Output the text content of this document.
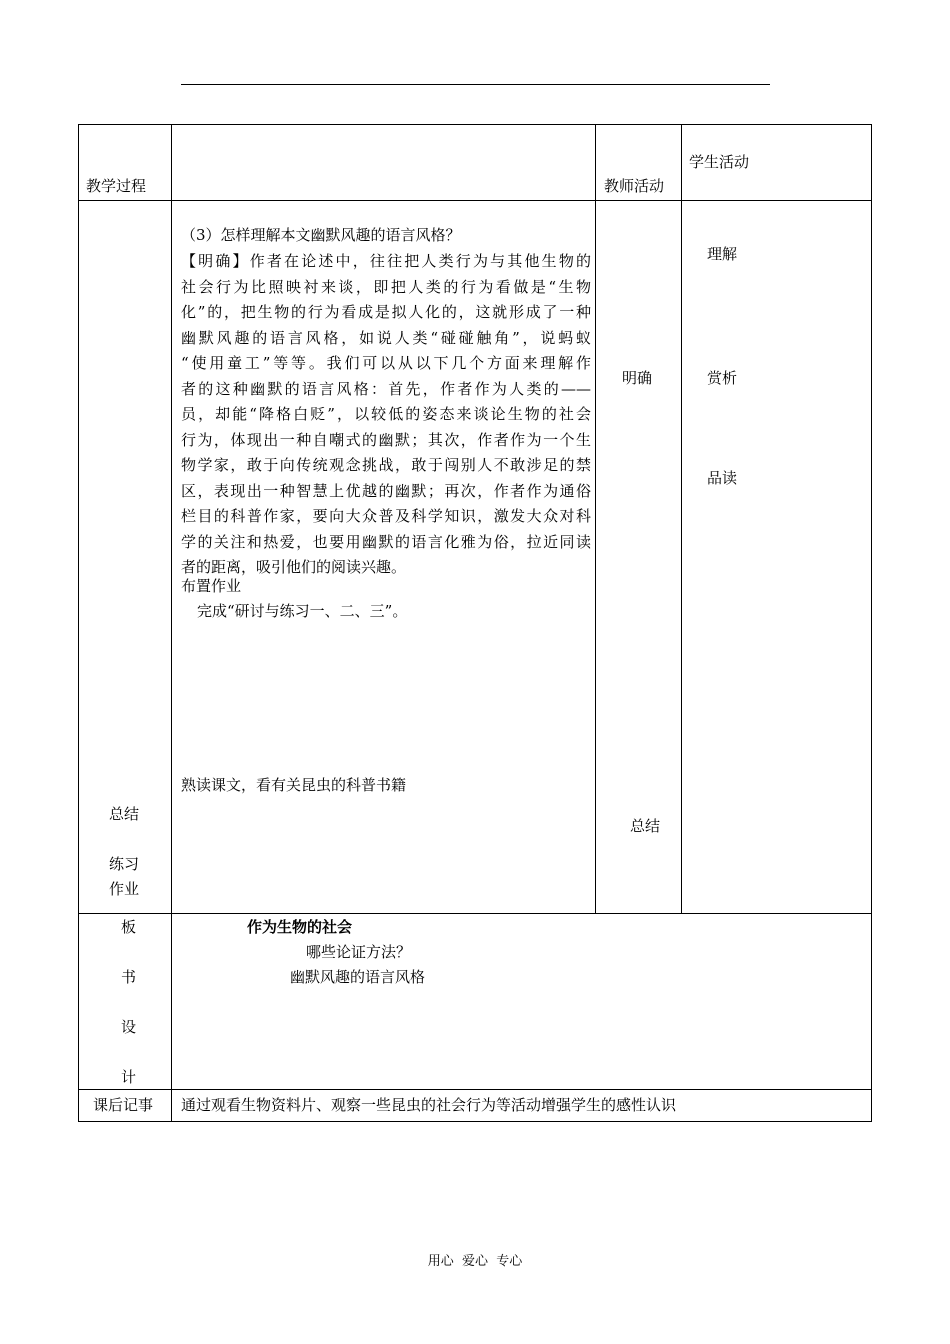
教学过程	教师活动
学生活动
总结
练习
作业
（3）怎样理解本文幽默风趣的语言风格？
【明确】作者在论述中，往往把人类行为与其他生物的
社会行为比照映衬来谈，即把人类的行为看做是“生物
化”的，把生物的行为看成是拟人化的，这就形成了一种
幽默风趣的语言风格，如说人类“碰碰触角”，说蚂蚁
“使用童工”等等。我们可以从以下几个方面来理解作
者的这种幽默的语言风格：首先，作者作为人类的——
员，却能“降格白贬”，以较低的姿态来谈论生物的社会
行为，体现出一种自嘲式的幽默；其次，作者作为一个生
物学家，敢于向传统观念挑战，敢于闯别人不敢涉足的禁
区，表现出一种智慧上优越的幽默；再次，作者作为通俗
栏目的科普作家，要向大众普及科学知识，激发大众对科
学的关注和热爱，也要用幽默的语言化雅为俗，拉近同读
者的距离，吸引他们的阅读兴趣。
布置作业
完成“研讨与练习一、二、三”。
熟读课文，看有关昆虫的科普书籍
明确
总结
理解
赏析
品读
板
书
设
计
作为生物的社会
哪些论证方法？
幽默风趣的语言风格
课后记事 通过观看生物资料片、观察一些昆虫的社会行为等活动增强学生的感性认识
用心  爱心  专心
